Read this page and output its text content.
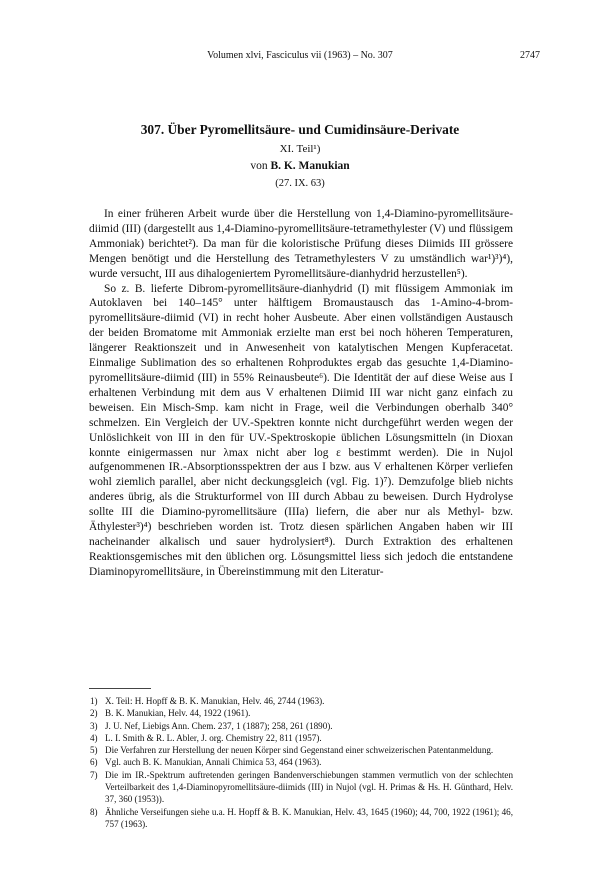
Volumen xlvi, Fasciculus vii (1963) – No. 307	2747
307. Über Pyromellitsäure- und Cumidinsäure-Derivate
XI. Teil¹)
von B. K. Manukian
(27. IX. 63)

In einer früheren Arbeit wurde über die Herstellung von 1,4-Diamino-pyromellitsäure-diimid (III) (dargestellt aus 1,4-Diamino-pyromellitsäure-tetramethylester (V) und flüssigem Ammoniak) berichtet²). Da man für die koloristische Prüfung dieses Diimids III grössere Mengen benötigt und die Herstellung des Tetramethylesters V zu umständlich war¹)³)⁴), wurde versucht, III aus dihalogeniertem Pyromellitsäure-dianhydrid herzustellen⁵).

So z. B. lieferte Dibrom-pyromellitsäure-dianhydrid (I) mit flüssigem Ammoniak im Autoklaven bei 140–145° unter hälftigem Bromaustausch das 1-Amino-4-brom-pyromellitsäure-diimid (VI) in recht hoher Ausbeute. Aber einen vollständigen Austausch der beiden Bromatome mit Ammoniak erzielte man erst bei noch höheren Temperaturen, längerer Reaktionszeit und in Anwesenheit von katalytischen Mengen Kupferacetat. Einmalige Sublimation des so erhaltenen Rohproduktes ergab das gesuchte 1,4-Diamino-pyromellitsäure-diimid (III) in 55% Reinausbeute⁶). Die Identität der auf diese Weise aus I erhaltenen Verbindung mit dem aus V erhaltenen Diimid III war nicht ganz einfach zu beweisen. Ein Misch-Smp. kam nicht in Frage, weil die Verbindungen oberhalb 340° schmelzen. Ein Vergleich der UV.-Spektren konnte nicht durchgeführt werden wegen der Unlöslichkeit von III in den für UV.-Spektroskopie üblichen Lösungsmitteln (in Dioxan konnte einigermassen nur λmax nicht aber log ε bestimmt werden). Die in Nujol aufgenommenen IR.-Absorptionsspektren der aus I bzw. aus V erhaltenen Körper verliefen wohl ziemlich parallel, aber nicht deckungsgleich (vgl. Fig. 1)⁷). Demzufolge blieb nichts anderes übrig, als die Strukturformel von III durch Abbau zu beweisen. Durch Hydrolyse sollte III die Diamino-pyromellitsäure (IIIa) liefern, die aber nur als Methyl- bzw. Äthylester³)⁴) beschrieben worden ist. Trotz diesen spärlichen Angaben haben wir III nacheinander alkalisch und sauer hydrolysiert⁸). Durch Extraktion des erhaltenen Reaktionsgemisches mit den üblichen org. Lösungsmittel liess sich jedoch die entstandene Diaminopyromellitsäure, in Übereinstimmung mit den Literatur-

1) X. Teil: H. Hopff & B. K. Manukian, Helv. 46, 2744 (1963).
2) B. K. Manukian, Helv. 44, 1922 (1961).
3) J. U. Nef, Liebigs Ann. Chem. 237, 1 (1887); 258, 261 (1890).
4) L. I. Smith & R. L. Abler, J. org. Chemistry 22, 811 (1957).
5) Die Verfahren zur Herstellung der neuen Körper sind Gegenstand einer schweizerischen Patentanmeldung.
6) Vgl. auch B. K. Manukian, Annali Chimica 53, 464 (1963).
7) Die im IR.-Spektrum auftretenden geringen Bandenverschiebungen stammen vermutlich von der schlechten Verteilbarkeit des 1,4-Diaminopyromellitsäure-diimids (III) in Nujol (vgl. H. Primas & Hs. H. Günthard, Helv. 37, 360 (1953)).
8) Ähnliche Verseifungen siehe u.a. H. Hopff & B. K. Manukian, Helv. 43, 1645 (1960); 44, 700, 1922 (1961); 46, 757 (1963).
